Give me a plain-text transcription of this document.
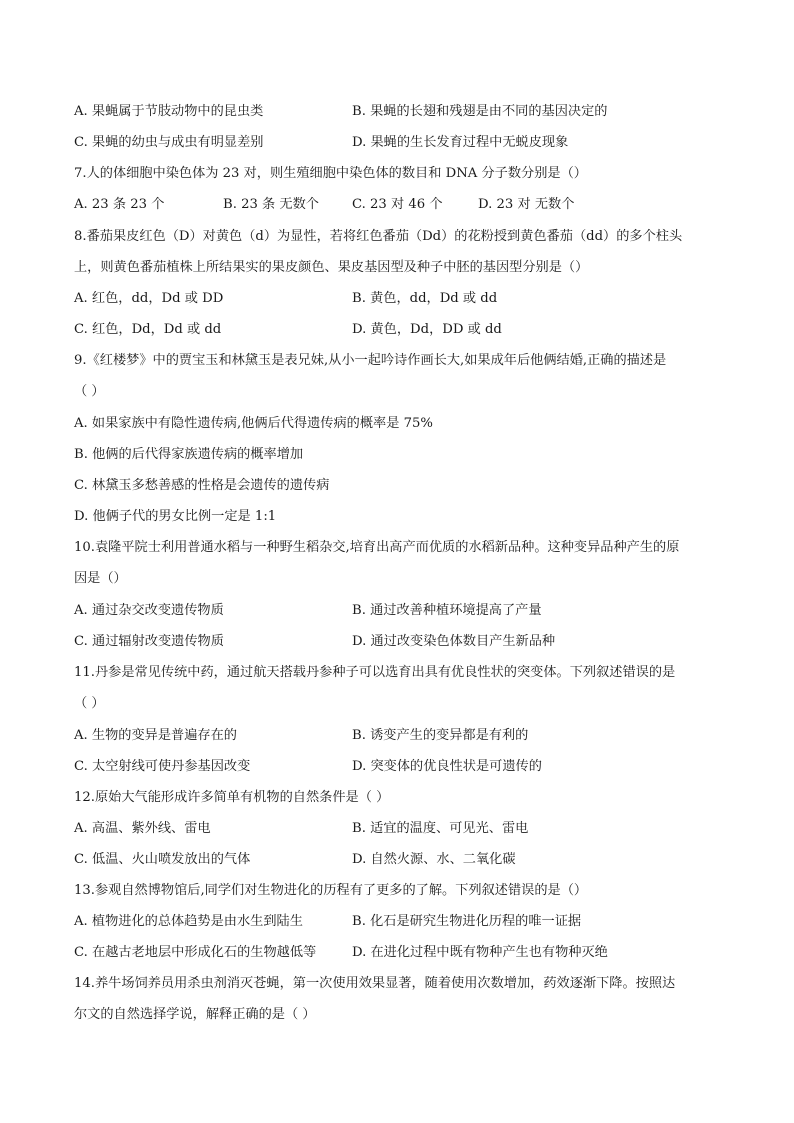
A. 果蝇属于节肢动物中的昆虫类	B. 果蝇的长翅和残翅是由不同的基因决定的
C. 果蝇的幼虫与成虫有明显差别	D. 果蝇的生长发育过程中无蜕皮现象
7.人的体细胞中染色体为 23 对，则生殖细胞中染色体的数目和 DNA 分子数分别是（）
A. 23 条 23 个	B. 23 条 无数个	C. 23 对 46 个	D. 23 对 无数个
8.番茄果皮红色（D）对黄色（d）为显性，若将红色番茄（Dd）的花粉授到黄色番茄（dd）的多个柱头
上，则黄色番茄植株上所结果实的果皮颜色、果皮基因型及种子中胚的基因型分别是（）
A. 红色，dd，Dd 或 DD	B. 黄色，dd，Dd 或 dd
C. 红色，Dd，Dd 或 dd	D. 黄色，Dd，DD 或 dd
9.《红楼梦》中的贾宝玉和林黛玉是表兄妹,从小一起吟诗作画长大,如果成年后他俩结婚,正确的描述是
（ ）
A. 如果家族中有隐性遗传病,他俩后代得遗传病的概率是 75%
B. 他俩的后代得家族遗传病的概率增加
C. 林黛玉多愁善感的性格是会遗传的遗传病
D. 他俩子代的男女比例一定是 1:1
10.袁隆平院士利用普通水稻与一种野生稻杂交,培育出高产而优质的水稻新品种。这种变异品种产生的原
因是（）
A. 通过杂交改变遗传物质	B. 通过改善种植环境提高了产量
C. 通过辐射改变遗传物质	D. 通过改变染色体数目产生新品种
11.丹参是常见传统中药，通过航天搭载丹参种子可以选育出具有优良性状的突变体。下列叙述错误的是
（ ）
A. 生物的变异是普遍存在的	B. 诱变产生的变异都是有利的
C. 太空射线可使丹参基因改变	D. 突变体的优良性状是可遗传的
12.原始大气能形成许多简单有机物的自然条件是（ ）
A. 高温、紫外线、雷电	B. 适宜的温度、可见光、雷电
C. 低温、火山喷发放出的气体	D. 自然火源、水、二氧化碳
13.参观自然博物馆后,同学们对生物进化的历程有了更多的了解。下列叙述错误的是（）
A. 植物进化的总体趋势是由水生到陆生	B. 化石是研究生物进化历程的唯一证据
C. 在越古老地层中形成化石的生物越低等	D. 在进化过程中既有物种产生也有物种灭绝
14.养牛场饲养员用杀虫剂消灭苍蝇，第一次使用效果显著，随着使用次数增加，药效逐渐下降。按照达
尔文的自然选择学说，解释正确的是（ ）
